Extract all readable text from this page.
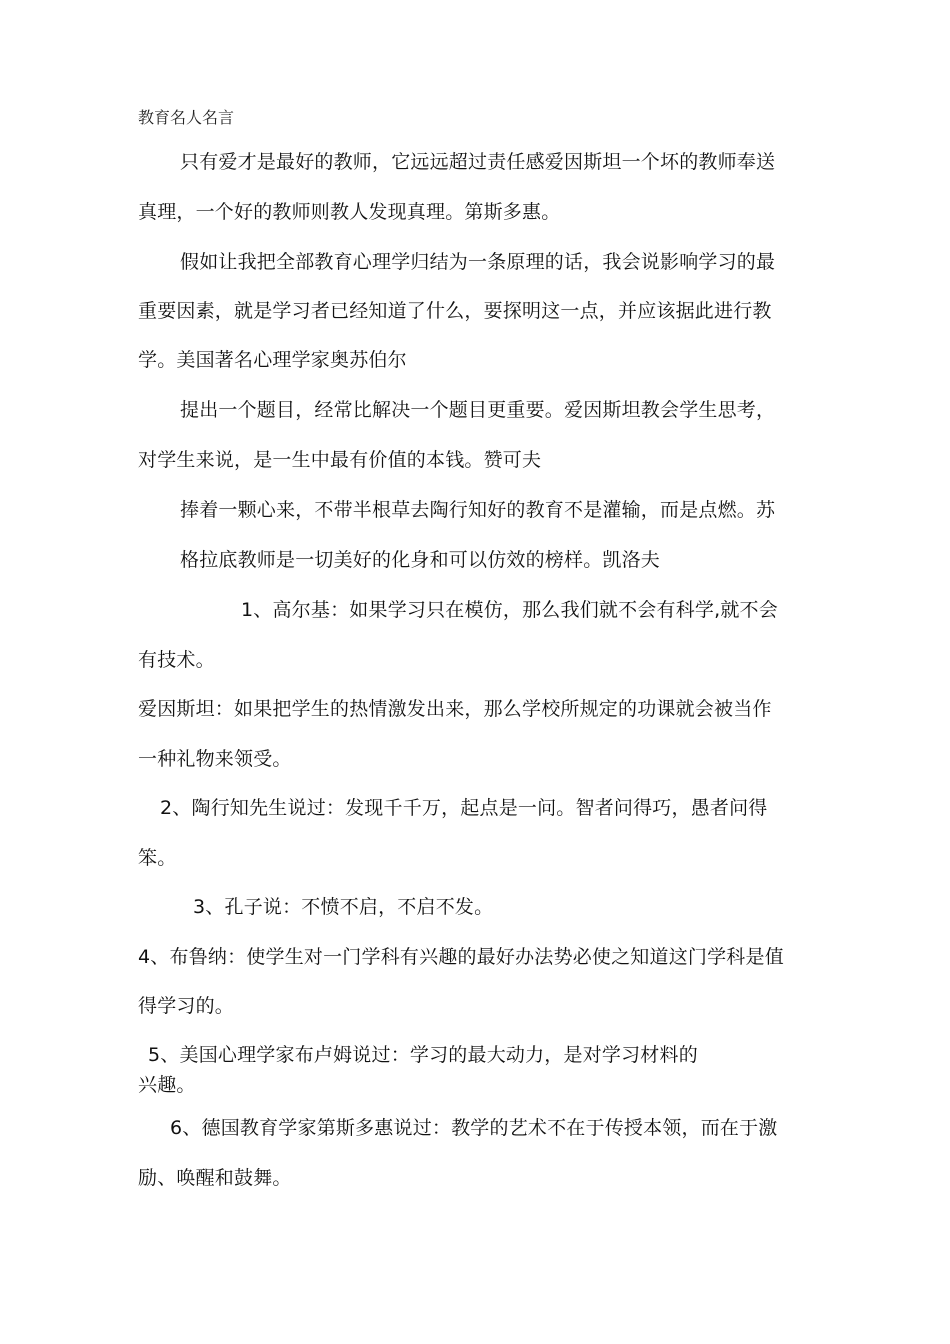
教育名人名言
只有爱才是最好的教师，它远远超过责任感爱因斯坦一个坏的教师奉送
真理，一个好的教师则教人发现真理。第斯多惠。
假如让我把全部教育心理学归结为一条原理的话，我会说影响学习的最
重要因素，就是学习者已经知道了什么，要探明这一点，并应该据此进行教
学。美国著名心理学家奥苏伯尔
提出一个题目，经常比解决一个题目更重要。爱因斯坦教会学生思考，
对学生来说，是一生中最有价值的本钱。赞可夫
捧着一颗心来，不带半根草去陶行知好的教育不是灌输，而是点燃。苏
格拉底教师是一切美好的化身和可以仿效的榜样。凯洛夫
1、高尔基：如果学习只在模仿，那么我们就不会有科学,就不会
有技术。
爱因斯坦：如果把学生的热情激发出来，那么学校所规定的功课就会被当作
一种礼物来领受。
2、陶行知先生说过：发现千千万，起点是一问。智者问得巧，愚者问得
笨。
3、孔子说：不愤不启，不启不发。
4、布鲁纳：使学生对一门学科有兴趣的最好办法势必使之知道这门学科是值
得学习的。
5、美国心理学家布卢姆说过：学习的最大动力，是对学习材料的
兴趣。
6、德国教育学家第斯多惠说过：教学的艺术不在于传授本领，而在于激
励、唤醒和鼓舞。
